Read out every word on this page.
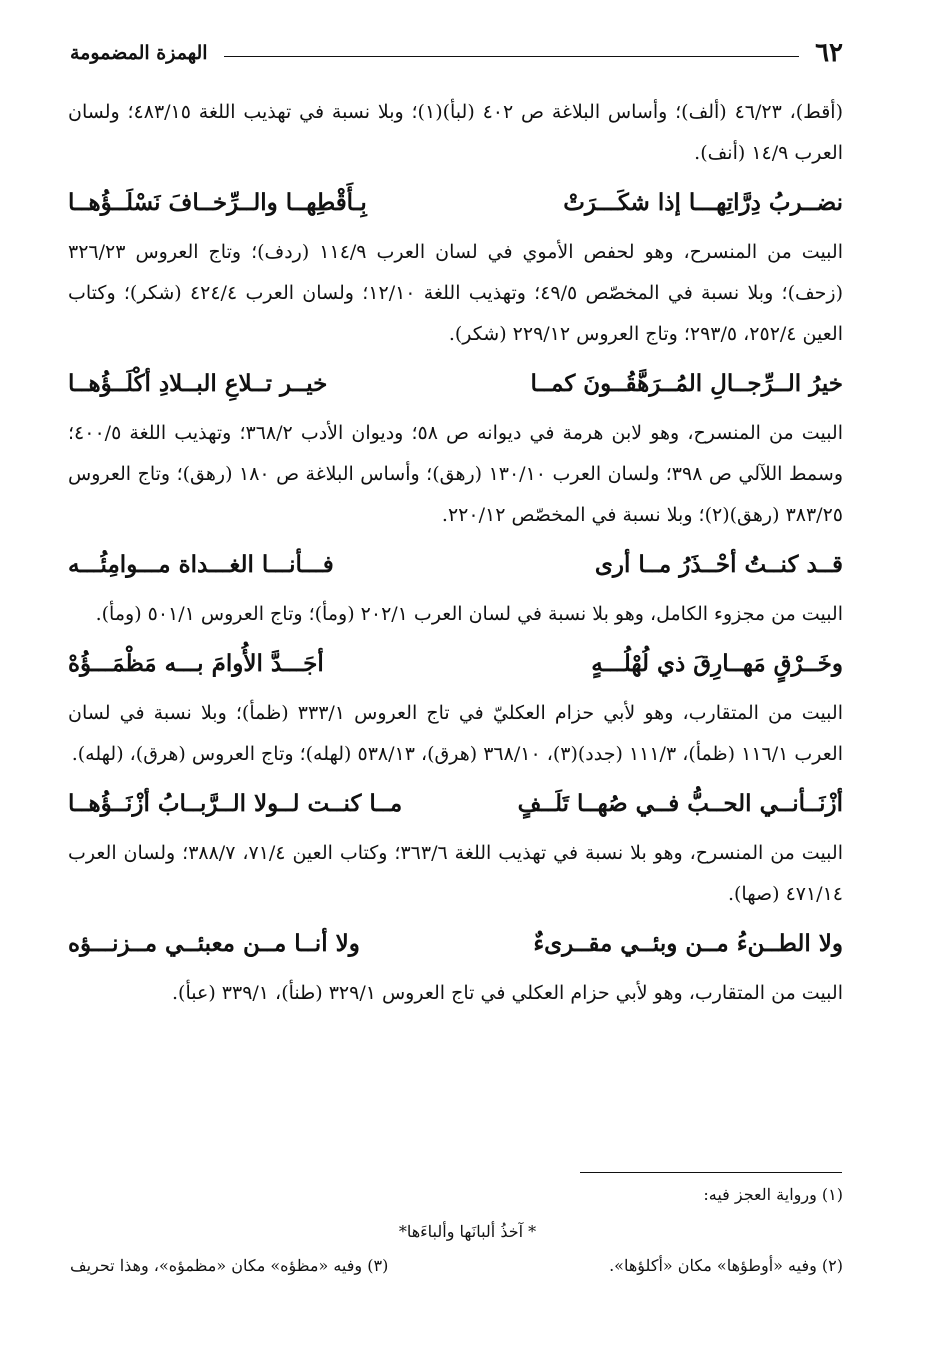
٦٢
الهمزة المضمومة

(أقط)، ٤٦/٢٣ (ألف)؛ وأساس البلاغة ص ٤٠٢ (لبأ)(١)؛ وبلا نسبة في تهذيب اللغة ٤٨٣/١٥؛ ولسان العرب ١٤/٩ (أنف).

نضــربُ دِرَّاتِهـــا إذا شكَـــرَتْ
بِـأَقْطِهــا والــرِّخــافَ نَسْلَــؤُهــا

البيت من المنسرح، وهو لحفص الأموي في لسان العرب ١١٤/٩ (ردف)؛ وتاج العروس ٣٢٦/٢٣ (زحف)؛ وبلا نسبة في المخصّص ٤٩/٥؛ وتهذيب اللغة ١٢/١٠؛ ولسان العرب ٤٢٤/٤ (شكر)؛ وكتاب العين ٢٥٢/٤، ٢٩٣/٥؛ وتاج العروس ٢٢٩/١٢ (شكر).

خيرُ الــرِّجــالِ المُــرَهَّقُــونَ كمــا
خيــر تــلاعِ البــلادِ أكْلَــؤُهــا

البيت من المنسرح، وهو لابن هرمة في ديوانه ص ٥٨؛ وديوان الأدب ٣٦٨/٢؛ وتهذيب اللغة ٤٠٠/٥؛ وسمط اللآلي ص ٣٩٨؛ ولسان العرب ١٣٠/١٠ (رهق)؛ وأساس البلاغة ص ١٨٠ (رهق)؛ وتاج العروس ٣٨٣/٢٥ (رهق)(٢)؛ وبلا نسبة في المخصّص ٢٢٠/١٢.

قــد كنــتُ أحْــذَرُ مــا أرى
فـــأنـــا الغـــداة مـــوامِئُـــه

البيت من مجزوء الكامل، وهو بلا نسبة في لسان العرب ٢٠٢/١ (ومأ)؛ وتاج العروس ٥٠١/١ (ومأ).

وخَــرْقٍ مَهــارِقَ ذي لُهْلُـــهٍ
أجَـــدَّ الأُوامَ بـــه مَظْمَـــؤُهْ

البيت من المتقارب، وهو لأبي حزام العكليّ في تاج العروس ٣٣٣/١ (ظمأ)؛ وبلا نسبة في لسان العرب ١١٦/١ (ظمأ)، ١١١/٣ (جدد)(٣)، ٣٦٨/١٠ (هرق)، ٥٣٨/١٣ (لهله)؛ وتاج العروس (هرق)، (لهله).

أزْنَــأنــي الحــبُّ فــي صُهــا تَلَــفٍ
مــا كنــت لــولا الــرَّبــابُ أزْنَــؤُهــا

البيت من المنسرح، وهو بلا نسبة في تهذيب اللغة ٣٦٣/٦؛ وكتاب العين ٧١/٤، ٣٨٨/٧؛ ولسان العرب ٤٧١/١٤ (صها).

ولا الطــنءُ مــن وبئــي مقــرىءٌ
ولا أنــا مــن معبئــي مــزنـــؤه

البيت من المتقارب، وهو لأبي حزام العكلي في تاج العروس ٣٢٩/١ (طنأ)، ٣٣٩/١ (عبأ).

(١) ورواية العجز فيه:
* آخذُ ألبانَها وألباءَها*
(٢) وفيه «أوطؤها» مكان «أكلؤها».
(٣) وفيه «مظؤه» مكان «مظمؤه»، وهذا تحريف
